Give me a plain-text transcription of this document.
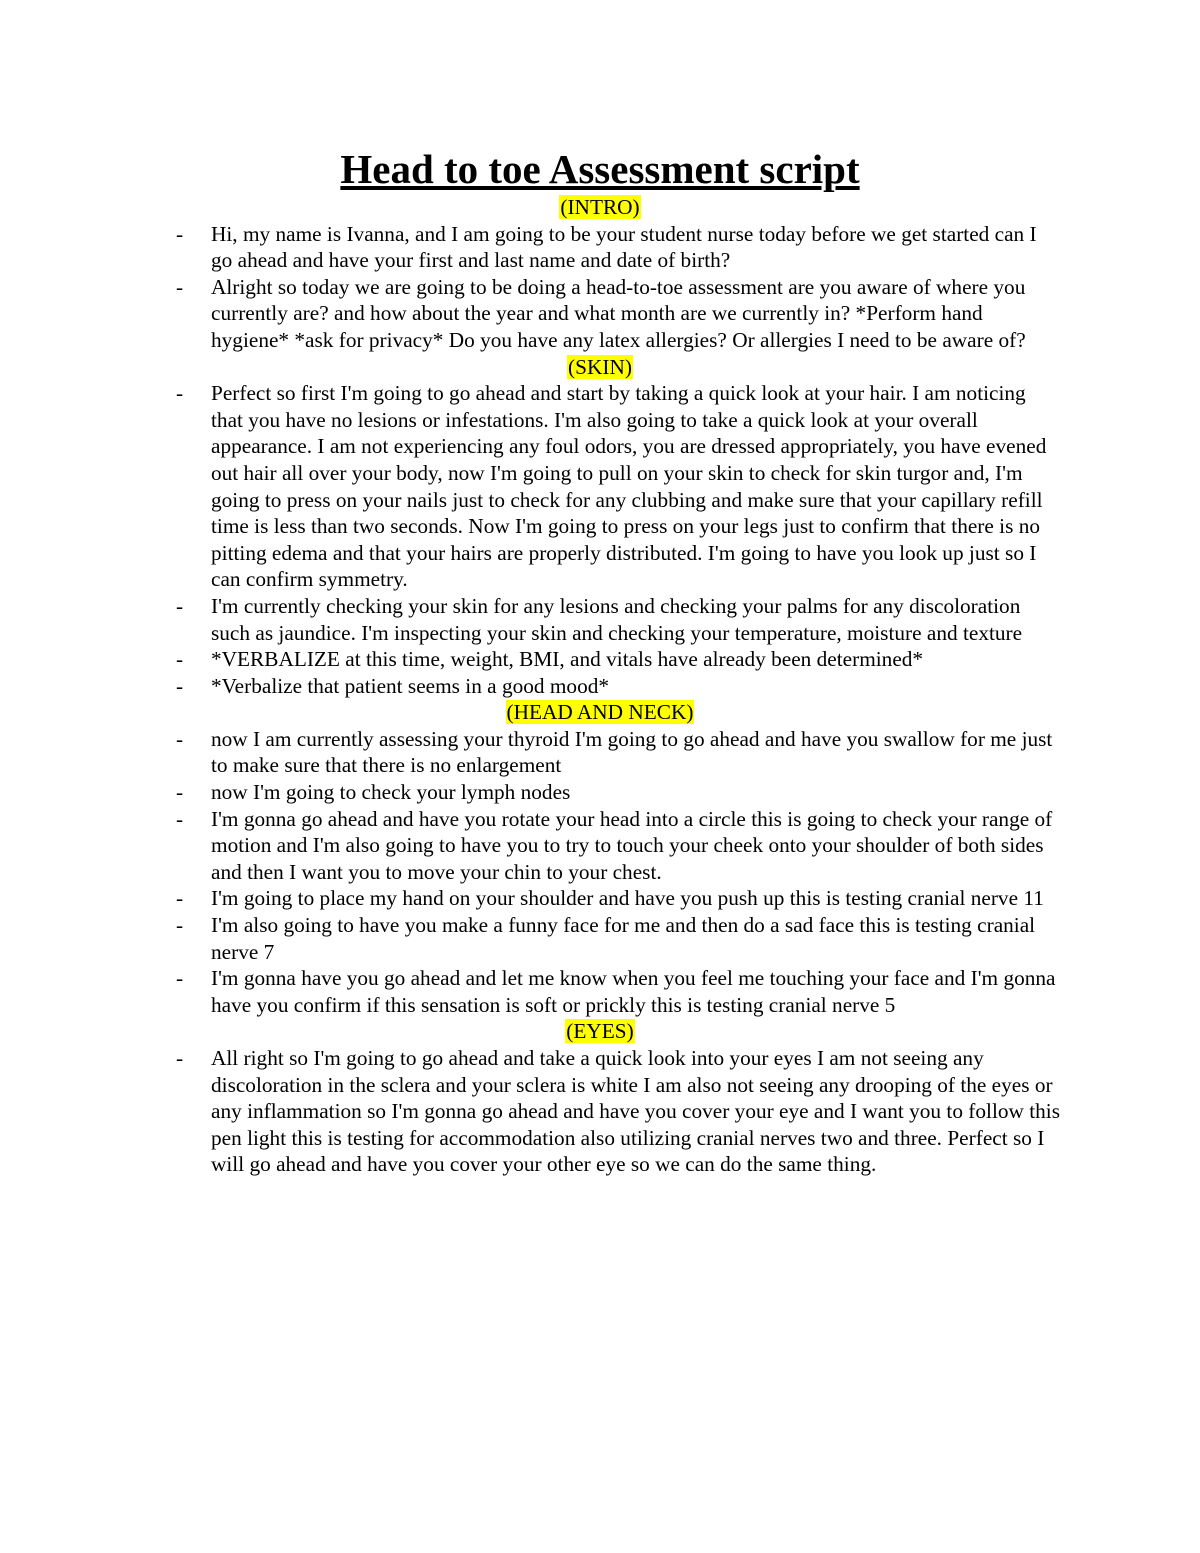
Head to toe Assessment script
(INTRO)
- Hi, my name is Ivanna, and I am going to be your student nurse today before we get started can I go ahead and have your first and last name and date of birth?
- Alright so today we are going to be doing a head-to-toe assessment are you aware of where you currently are? and how about the year and what month are we currently in? *Perform hand hygiene* *ask for privacy* Do you have any latex allergies? Or allergies I need to be aware of?
(SKIN)
- Perfect so first I'm going to go ahead and start by taking a quick look at your hair. I am noticing that you have no lesions or infestations. I'm also going to take a quick look at your overall appearance. I am not experiencing any foul odors, you are dressed appropriately, you have evened out hair all over your body, now I'm going to pull on your skin to check for skin turgor and, I'm going to press on your nails just to check for any clubbing and make sure that your capillary refill time is less than two seconds. Now I'm going to press on your legs just to confirm that there is no pitting edema and that your hairs are properly distributed. I'm going to have you look up just so I can confirm symmetry.
- I'm currently checking your skin for any lesions and checking your palms for any discoloration such as jaundice. I'm inspecting your skin and checking your temperature, moisture and texture
- *VERBALIZE at this time, weight, BMI, and vitals have already been determined*
- *Verbalize that patient seems in a good mood*
(HEAD AND NECK)
- now I am currently assessing your thyroid I'm going to go ahead and have you swallow for me just to make sure that there is no enlargement
- now I'm going to check your lymph nodes
- I'm gonna go ahead and have you rotate your head into a circle this is going to check your range of motion and I'm also going to have you to try to touch your cheek onto your shoulder of both sides and then I want you to move your chin to your chest.
- I'm going to place my hand on your shoulder and have you push up this is testing cranial nerve 11
- I'm also going to have you make a funny face for me and then do a sad face this is testing cranial nerve 7
- I'm gonna have you go ahead and let me know when you feel me touching your face and I'm gonna have you confirm if this sensation is soft or prickly this is testing cranial nerve 5
(EYES)
- All right so I'm going to go ahead and take a quick look into your eyes I am not seeing any discoloration in the sclera and your sclera is white I am also not seeing any drooping of the eyes or any inflammation so I'm gonna go ahead and have you cover your eye and I want you to follow this pen light this is testing for accommodation also utilizing cranial nerves two and three. Perfect so I will go ahead and have you cover your other eye so we can do the same thing.
